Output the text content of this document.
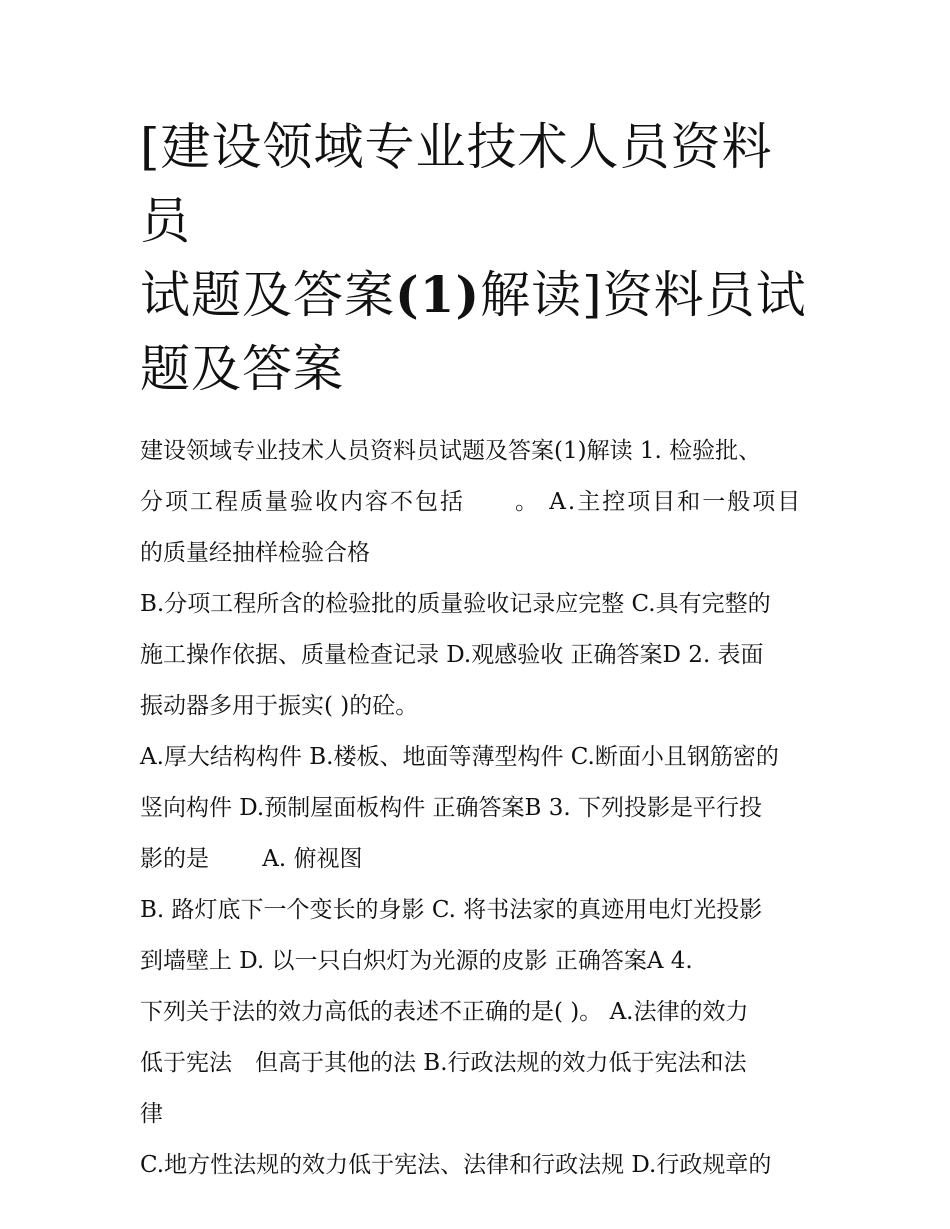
[建设领域专业技术人员资料员
试题及答案(1)解读]资料员试
题及答案
建设领域专业技术人员资料员试题及答案(1)解读 1. 检验批、
分项工程质量验收内容不包括　　。 A.主控项目和一般项目
的质量经抽样检验合格
B.分项工程所含的检验批的质量验收记录应完整 C.具有完整的
施工操作依据、质量检查记录 D.观感验收 正确答案D 2. 表面
振动器多用于振实( )的砼。
A.厚大结构构件 B.楼板、地面等薄型构件 C.断面小且钢筋密的
竖向构件 D.预制屋面板构件 正确答案B 3. 下列投影是平行投
影的是 　　A. 俯视图
B. 路灯底下一个变长的身影 C. 将书法家的真迹用电灯光投影
到墙壁上 D. 以一只白炽灯为光源的皮影 正确答案A 4.
下列关于法的效力高低的表述不正确的是( )。 A.法律的效力
低于宪法　但高于其他的法 B.行政法规的效力低于宪法和法
律
C.地方性法规的效力低于宪法、法律和行政法规 D.行政规章的
